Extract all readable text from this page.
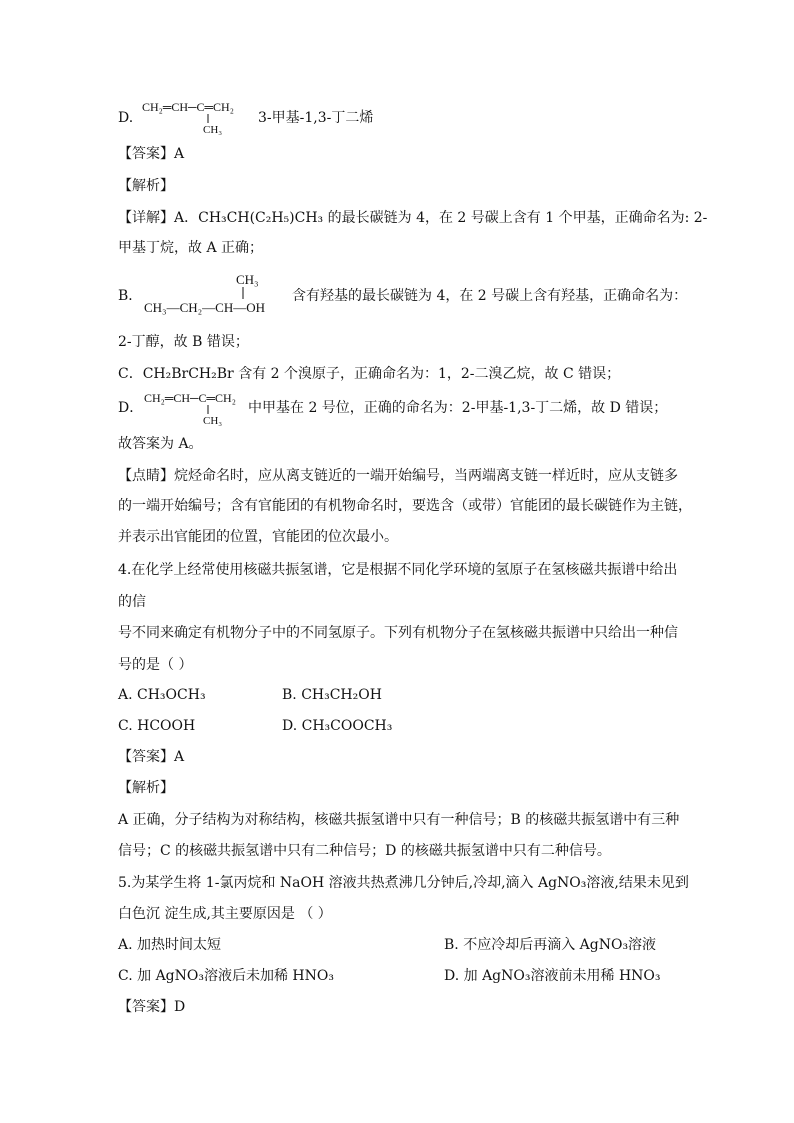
D.
CH₂═CH─C═CH₂
CH₃
3-甲基-1,3-丁二烯
【答案】A
【解析】
【详解】A．CH₃CH(C₂H₅)CH₃ 的最长碳链为 4，在 2 号碳上含有 1 个甲基，正确命名为: 2-
甲基丁烷，故 A 正确；
B．
CH₃
CH₃—CH₂—CH—OH
含有羟基的最长碳链为 4，在 2 号碳上含有羟基，正确命名为：
2-丁醇，故 B 错误；
C．CH₂BrCH₂Br 含有 2 个溴原子，正确命名为：1，2-二溴乙烷，故 C 错误；
D．
CH₂═CH─C═CH₂
CH₃
中甲基在 2 号位，正确的命名为：2-甲基-1,3-丁二烯，故 D 错误；
故答案为 A。
【点睛】烷烃命名时，应从离支链近的一端开始编号，当两端离支链一样近时，应从支链多
的一端开始编号；含有官能团的有机物命名时，要选含（或带）官能团的最长碳链作为主链，
并表示出官能团的位置，官能团的位次最小。
4.在化学上经常使用核磁共振氢谱，它是根据不同化学环境的氢原子在氢核磁共振谱中给出
的信
号不同来确定有机物分子中的不同氢原子。下列有机物分子在氢核磁共振谱中只给出一种信
号的是（ ）
A. CH₃OCH₃	B. CH₃CH₂OH
C. HCOOH	D. CH₃COOCH₃
【答案】A
【解析】
A 正确，分子结构为对称结构，核磁共振氢谱中只有一种信号；B 的核磁共振氢谱中有三种
信号；C 的核磁共振氢谱中只有二种信号；D 的核磁共振氢谱中只有二种信号。
5.为某学生将 1-氯丙烷和 NaOH 溶液共热煮沸几分钟后,冷却,滴入 AgNO₃溶液,结果未见到
白色沉 淀生成,其主要原因是 （ ）
A. 加热时间太短	B. 不应冷却后再滴入 AgNO₃溶液
C. 加 AgNO₃溶液后未加稀 HNO₃	D. 加 AgNO₃溶液前未用稀 HNO₃
【答案】D
